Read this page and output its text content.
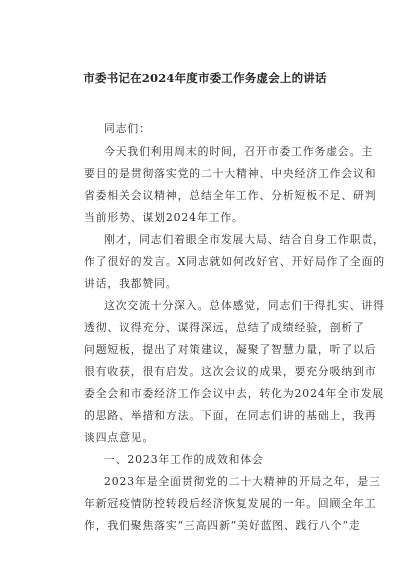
市委书记在2024年度市委工作务虚会上的讲话
同志们：
今天我们利用周末的时间，召开市委工作务虚会。主
要目的是贯彻落实党的二十大精神、中央经济工作会议和
省委相关会议精神，总结全年工作、分析短板不足、研判
当前形势、谋划2024年工作。
刚才，同志们着眼全市发展大局、结合自身工作职责，
作了很好的发言。X同志就如何改好官、开好局作了全面的
讲话，我都赞同。
这次交流十分深入。总体感觉，同志们干得扎实、讲得
透彻、议得充分、谋得深远，总结了成绩经验，剖析了
问题短板，提出了对策建议，凝聚了智慧力量，听了以后
很有收获，很有启发。这次会议的成果，要充分吸纳到市
委全会和市委经济工作会议中去，转化为2024年全市发展
的思路、举措和方法。下面，在同志们讲的基础上，我再
谈四点意见。
一、2023年工作的成效和体会
2023年是全面贯彻党的二十大精神的开局之年，是三
年新冠疫情防控转段后经济恢复发展的一年。回顾全年工
作，我们聚焦落实“三高四新”美好蓝图、践行八个“走
